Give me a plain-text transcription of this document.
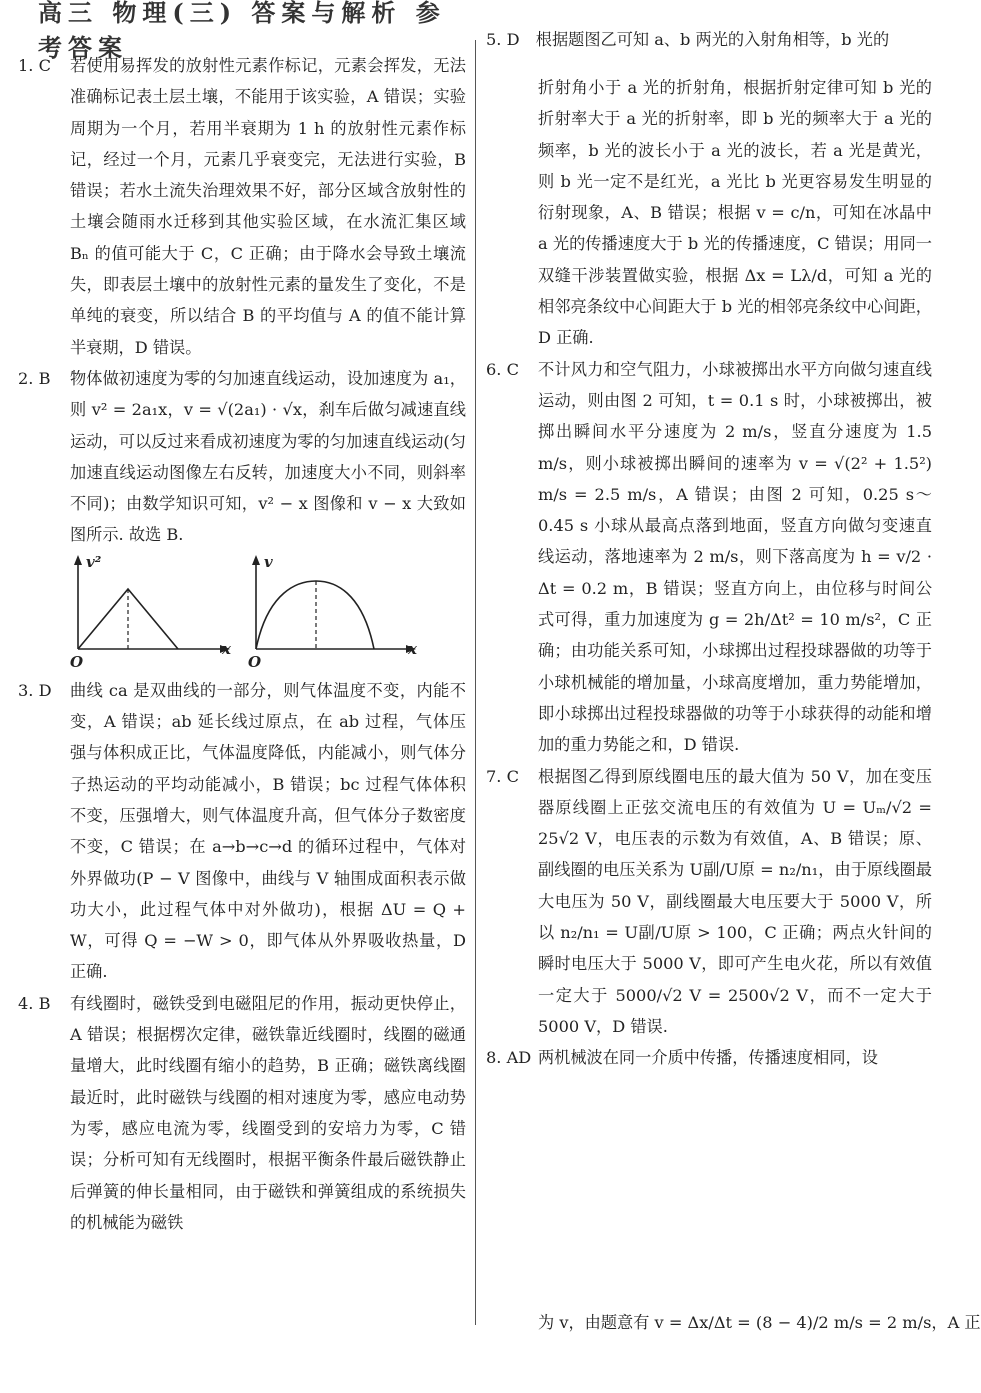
高三 物理(三) 答案与解析 参考答案

1. C 若使用易挥发的放射性元素作标记，元素会挥发，无法准确标记表土层土壤，不能用于该实验，A 错误；实验周期为一个月，若用半衰期为 1 h 的放射性元素作标记，经过一个月，元素几乎衰变完，无法进行实验，B 错误；若水土流失治理效果不好，部分区域含放射性的土壤会随雨水迁移到其他实验区域，在水流汇集区域 Bₙ 的值可能大于 C，C 正确；由于降水会导致土壤流失，即表层土壤中的放射性元素的量发生了变化，不是单纯的衰变，所以结合 B 的平均值与 A 的值不能计算半衰期，D 错误。

2. B 物体做初速度为零的匀加速直线运动，设加速度为 a₁，则 v² = 2a₁x，v = √(2a₁) · √x，刹车后做匀减速直线运动，可以反过来看成初速度为零的匀加速直线运动(匀加速直线运动图像左右反转，加速度大小不同，则斜率不同)；由数学知识可知，v² − x 图像和 v − x 大致如图所示. 故选 B.

v²
x
O
v
x
O

3. D 曲线 ca 是双曲线的一部分，则气体温度不变，内能不变，A 错误；ab 延长线过原点，在 ab 过程，气体压强与体积成正比，气体温度降低，内能减小，则气体分子热运动的平均动能减小，B 错误；bc 过程气体体积不变，压强增大，则气体温度升高，但气体分子数密度不变，C 错误；在 a→b→c→d 的循环过程中，气体对外界做功(P − V 图像中，曲线与 V 轴围成面积表示做功大小，此过程气体中对外做功)，根据 ΔU = Q + W，可得 Q = −W > 0，即气体从外界吸收热量，D 正确.

4. B 有线圈时，磁铁受到电磁阻尼的作用，振动更快停止，A 错误；根据楞次定律，磁铁靠近线圈时，线圈的磁通量增大，此时线圈有缩小的趋势，B 正确；磁铁离线圈最近时，此时磁铁与线圈的相对速度为零，感应电动势为零，感应电流为零，线圈受到的安培力为零，C 错误；分析可知有无线圈时，根据平衡条件最后磁铁静止后弹簧的伸长量相同，由于磁铁和弹簧组成的系统损失的机械能为磁铁

5. D　根据题图乙可知 a、b 两光的入射角相等，b 光的

折射角小于 a 光的折射角，根据折射定律可知 b 光的折射率大于 a 光的折射率，即 b 光的频率大于 a 光的频率，b 光的波长小于 a 光的波长，若 a 光是黄光，则 b 光一定不是红光，a 光比 b 光更容易发生明显的衍射现象，A、B 错误；根据 v = c/n，可知在冰晶中 a 光的传播速度大于 b 光的传播速度，C 错误；用同一双缝干涉装置做实验，根据 Δx = Lλ/d，可知 a 光的相邻亮条纹中心间距大于 b 光的相邻亮条纹中心间距，D 正确.

6. C 不计风力和空气阻力，小球被掷出水平方向做匀速直线运动，则由图 2 可知，t = 0.1 s 时，小球被掷出，被掷出瞬间水平分速度为 2 m/s，竖直分速度为 1.5 m/s，则小球被掷出瞬间的速率为 v = √(2² + 1.5²) m/s = 2.5 m/s，A 错误；由图 2 可知，0.25 s～0.45 s 小球从最高点落到地面，竖直方向做匀变速直线运动，落地速率为 2 m/s，则下落高度为 h = v/2 · Δt = 0.2 m，B 错误；竖直方向上，由位移与时间公式可得，重力加速度为 g = 2h/Δt² = 10 m/s²，C 正确；由功能关系可知，小球掷出过程投球器做的功等于小球机械能的增加量，小球高度增加，重力势能增加，即小球掷出过程投球器做的功等于小球获得的动能和增加的重力势能之和，D 错误.

7. C 根据图乙得到原线圈电压的最大值为 50 V，加在变压器原线圈上正弦交流电压的有效值为 U = Uₘ/√2 = 25√2 V，电压表的示数为有效值，A、B 错误；原、副线圈的电压关系为 U副/U原 = n₂/n₁，由于原线圈最大电压为 50 V，副线圈最大电压要大于 5000 V，所以 n₂/n₁ = U副/U原 > 100，C 正确；两点火针间的瞬时电压大于 5000 V，即可产生电火花，所以有效值一定大于 5000/√2 V = 2500√2 V，而不一定大于 5000 V，D 错误.

8. AD 两机械波在同一介质中传播，传播速度相同，设

为 v，由题意有 v = Δx/Δt = (8 − 4)/2 m/s = 2 m/s，A 正
